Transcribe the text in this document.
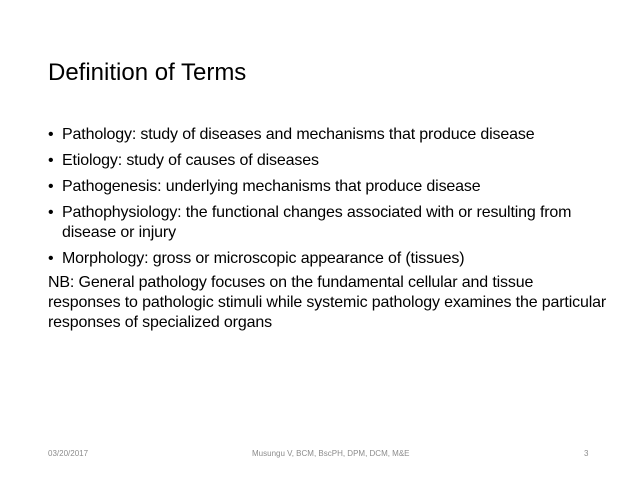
Definition of Terms
• Pathology: study of diseases and mechanisms that produce disease
• Etiology: study of causes of diseases
• Pathogenesis: underlying mechanisms that produce disease
• Pathophysiology: the functional changes associated with or resulting from disease or injury
• Morphology: gross or microscopic appearance of (tissues)

NB: General pathology focuses on the fundamental cellular and tissue responses to pathologic stimuli while systemic pathology examines the particular responses of specialized organs

03/20/2017	Musungu V, BCM, BscPH, DPM, DCM, M&E	3
